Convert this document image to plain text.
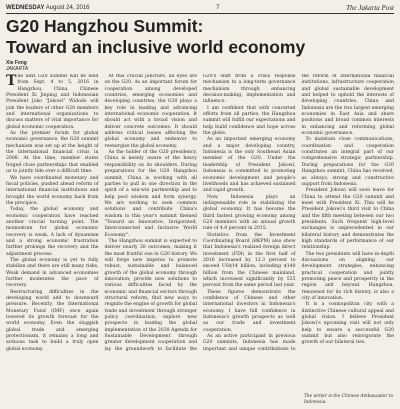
WEDNESDAY August 24, 2016	7	The Jakarta Post
G20 Hangzhou Summit:
Toward an inclusive world economy
Xie Feng
JAKARTA

The next G20 summit will be held from Sept. 4 to 5, 2016 in Hangzhou, China. Chinese President Xi Jinping and Indonesian President Joko "Jokowi" Widodo will join the leaders of other G20 members and international organizations to discuss matters of vital importance for global economic cooperation.

As the premier forum for global economic governance, the G20 summit mechanism was set up at the height of the international financial crisis in 2008. At the time, member states forged close partnerships that enabled us to jointly tide over a difficult time.

We have coordinated monetary and fiscal policies, pushed ahead reform of international financial institutions and brought the world economy back from the precipice.

Today, the global economy and economic cooperation have reached another crucial turning point. The momentum for global economic recovery is weak. A lack of dynamism and a strong economic frustration further prolongs the recovery and the adjustment process.

The global economy is yet to fully stabilize and there are still many risks. Weak demand in advanced economies further moderates the pace of recovery.

Restructuring difficulties in the developing world add to downward pressure. Recently, the International Monetary Fund (IMF) once again lowered its growth forecast for the world economy. Even the sluggish global trade and emerging protectionism, it remains a long and arduous task to build a truly open global economy.

At this crucial juncture, all eyes are on the G20. As an important forum for cooperation among developed countries, emerging economies and developing countries, the G20 plays a key role in leading and advancing international economic cooperation. It should act with a broad vision and deliver concrete outcomes. It should address critical issues affecting the global economy and endeavor to reenergize the global economy.

As the holder of the G20 presidency, China is keenly aware of the heavy responsibility on its shoulders. During preparations for the G20 Hangzhou summit, China is working with all parties to pull in one direction in the spirit of a win-win partnership and to help pool wisdom and form synergy. We are working to seek common solutions and contribute China's wisdom to this year's summit themed "Toward an Innovative, Invigorated, Interconnected and Inclusive World Economy".

The Hangzhou summit is expected to deliver nearly 30 outcomes, making it the most fruitful one in G20 history. We will forge new impetus to promote robust, sustainable and balanced growth of the global economy through innovation; provide new solutions to various difficulties faced by the economic and financial sectors through structural reform; find new ways to reignite the engine of growth for global trade and investment through stronger policy coordination; explore new prospects in leading the global implementation of the 2030 Agenda for Sustainable Development through greater development cooperation and lay the groundwork to facilitate the G20's shift from a crisis response mechanism to a long-term governance mechanism through enhancing decision-making, implementation and influence.

I am confident that with concerted efforts from all parties, the Hangzhou summit will fulfill our expectations and help build confidence and hope across the globe.

As an important emerging economy and a major developing country, Indonesia is the only Southeast Asian member of the G20. Under the leadership of President Jokowi, Indonesia is committed to promoting economic development and people's livelihoods and has achieved sustained and rapid growth.

Now, Indonesia plays an indispensable role in stabilizing the global economy. It has become the third fastest growing economy among G20 members with an annual growth rate of 4.8 percent in 2015.

Statistics from the Investment Coordinating Board (BKPM) also show that Indonesia's realized foreign direct investment (FDI) in the first half of 2016 increased by 12.3 percent to exceed US$14 billion, including $140 billion from the Chinese mainland, which increased significantly by 535 percent from the same period last year.

These figures demonstrate the confidence of Chinese and other international investors in Indonesia's economy. I have full confidence in Indonesia's growth prospects as well as our trade and investment cooperation.

As an active participant in previous G20 summits, Indonesia has made important and unique contributions to the reform of international financial institutions, infrastructure cooperation and global sustainable development and helped to uphold the interests of developing countries. China and Indonesia are the two largest emerging economies in East Asia and share positions and broad common interests in enhancing and reforming global economic governance.

To maintain close communications, coordination and cooperation constitutes an integral part of our comprehensive strategic partnership. During preparations for the G20 Hangzhou summit, China has received, as always, strong and constructive support from Indonesia.

President Jokowi will soon leave for China to attend the G20 summit and meet with President Xi. This will be President Jokowi's third visit to China and the fifth meeting between our two presidents. Such frequent high-level exchanges is unprecedented in our bilateral history and demonstrates the high standards of performance of our relationship.

The two presidents will have in-depth discussions on aligning our development strategies, enhancing practical cooperation and jointly promoting peace and prosperity in the region and beyond. Hangzhou, renowned for its rich history, is also a city of innovation.

It is a cosmopolitan city with a distinctive Chinese cultural appeal and global vision. I believe President Jokowi's upcoming visit will not only help to ensure a successful G20 summit but also reinvigorate the growth of our bilateral ties.

The writer is the Chinese Ambassador to Indonesia.
